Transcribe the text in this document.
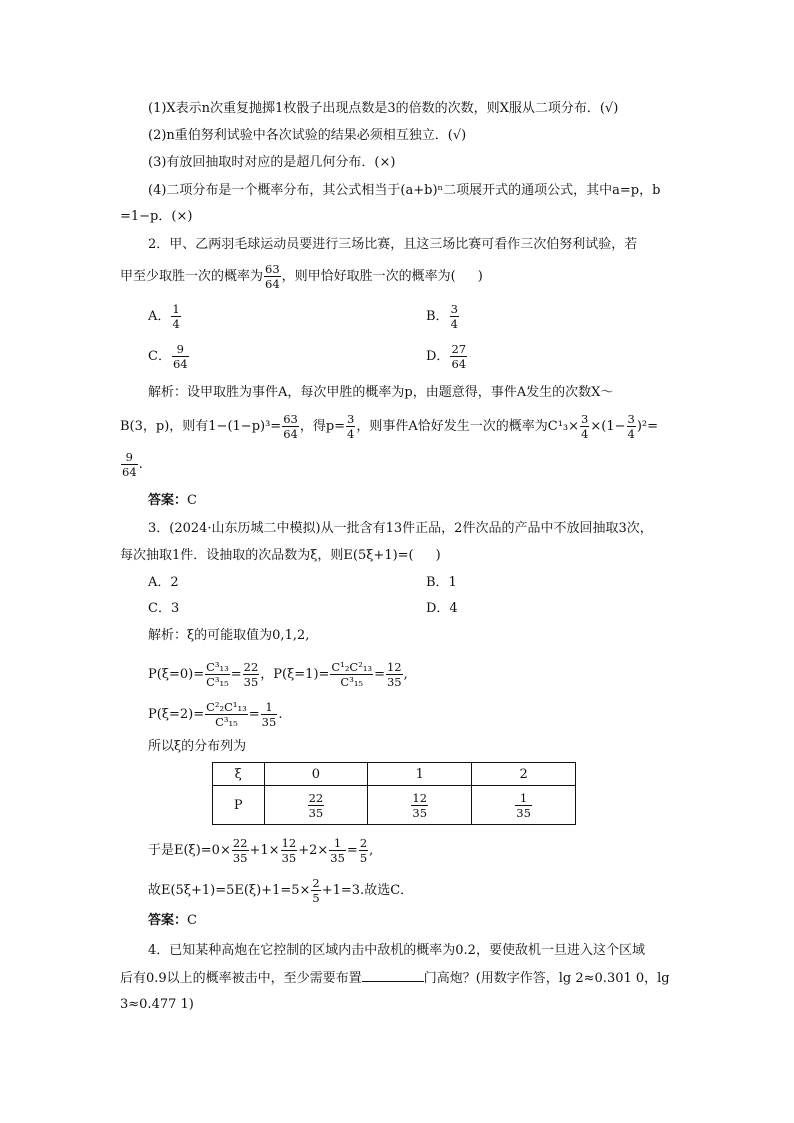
(1)X表示n次重复抛掷1枚骰子出现点数是3的倍数的次数，则X服从二项分布．(√)
(2)n重伯努利试验中各次试验的结果必须相互独立．(√)
(3)有放回抽取时对应的是超几何分布．(×)
(4)二项分布是一个概率分布，其公式相当于(a+b)ⁿ二项展开式的通项公式，其中a=p，b
=1−p．(×)
2．甲、乙两羽毛球运动员要进行三场比赛，且这三场比赛可看作三次伯努利试验，若
甲至少取胜一次的概率为 $\frac{63}{64}$ ，则甲恰好取胜一次的概率为( )
A． $\frac{1}{4}$	B． $\frac{3}{4}$
C． $\frac{9}{64}$	D． $\frac{27}{64}$
解析：设甲取胜为事件A，每次甲胜的概率为p，由题意得，事件A发生的次数X～
B(3，p)，则有$1-(1-p)^3= \frac{63}{64}$ ，得$p= \frac{3}{4}$ ，则事件A恰好发生一次的概率为$C^1_3\times \frac{3}{4} \times(1- \frac{3}{4} )^2=$
$\frac{9}{64}$ .
答案：C
3．(2024·山东历城二中模拟)从一批含有13件正品，2件次品的产品中不放回抽取3次，
每次抽取1件．设抽取的次品数为ξ，则E(5ξ+1)=( )
A．2	B．1
C．3	D．4
解析：ξ的可能取值为0,1,2,
$P(\xi=0)= \frac{\text{C³₁₃}}{\text{C³₁₅}} = \frac{22}{35}$ ，$P(\xi=1)= \frac{\text{C¹₂C²₁₃}}{\text{C³₁₅}} = \frac{12}{35}$ ,
$P(\xi=2)= \frac{\text{C²₂C¹₁₃}}{\text{C³₁₅}} = \frac{1}{35}$ .
所以ξ的分布列为
ξ	0	1	2
P	$\frac{22}{35}$	$\frac{12}{35}$	$\frac{1}{35}$
于是$E(\xi)=0\times \frac{22}{35} +1\times \frac{12}{35} +2\times \frac{1}{35} = \frac{2}{5}$ ,
故$E(5\xi+1)=5E(\xi)+1=5\times \frac{2}{5} +1=3$.故选C．
答案：C
4．已知某种高炮在它控制的区域内击中敌机的概率为0.2，要使敌机一旦进入这个区域
后有0.9以上的概率被击中，至少需要布置	门高炮？(用数字作答，lg 2≈0.301 0，lg
3≈0.477 1)
